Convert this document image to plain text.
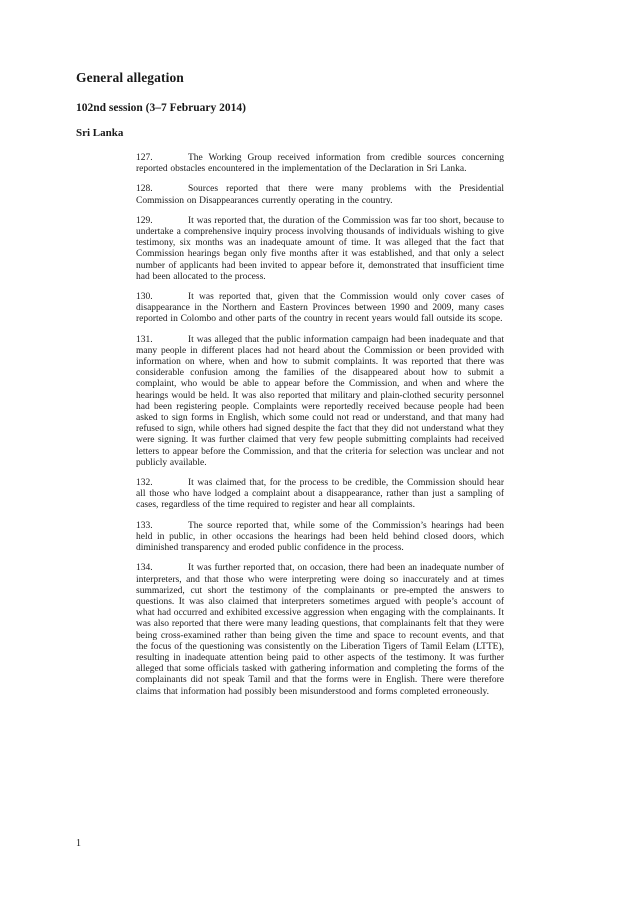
General allegation
102nd session (3–7 February 2014)
Sri Lanka
127.	The Working Group received information from credible sources concerning reported obstacles encountered in the implementation of the Declaration in Sri Lanka.
128.	Sources reported that there were many problems with the Presidential Commission on Disappearances currently operating in the country.
129.	It was reported that, the duration of the Commission was far too short, because to undertake a comprehensive inquiry process involving thousands of individuals wishing to give testimony, six months was an inadequate amount of time. It was alleged that the fact that Commission hearings began only five months after it was established, and that only a select number of applicants had been invited to appear before it, demonstrated that insufficient time had been allocated to the process.
130.	It was reported that, given that the Commission would only cover cases of disappearance in the Northern and Eastern Provinces between 1990 and 2009, many cases reported in Colombo and other parts of the country in recent years would fall outside its scope.
131.	It was alleged that the public information campaign had been inadequate and that many people in different places had not heard about the Commission or been provided with information on where, when and how to submit complaints. It was reported that there was considerable confusion among the families of the disappeared about how to submit a complaint, who would be able to appear before the Commission, and when and where the hearings would be held. It was also reported that military and plain-clothed security personnel had been registering people. Complaints were reportedly received because people had been asked to sign forms in English, which some could not read or understand, and that many had refused to sign, while others had signed despite the fact that they did not understand what they were signing. It was further claimed that very few people submitting complaints had received letters to appear before the Commission, and that the criteria for selection was unclear and not publicly available.
132.	It was claimed that, for the process to be credible, the Commission should hear all those who have lodged a complaint about a disappearance, rather than just a sampling of cases, regardless of the time required to register and hear all complaints.
133.	The source reported that, while some of the Commission’s hearings had been held in public, in other occasions the hearings had been held behind closed doors, which diminished transparency and eroded public confidence in the process.
134.	It was further reported that, on occasion, there had been an inadequate number of interpreters, and that those who were interpreting were doing so inaccurately and at times summarized, cut short the testimony of the complainants or pre-empted the answers to questions. It was also claimed that interpreters sometimes argued with people’s account of what had occurred and exhibited excessive aggression when engaging with the complainants. It was also reported that there were many leading questions, that complainants felt that they were being cross-examined rather than being given the time and space to recount events, and that the focus of the questioning was consistently on the Liberation Tigers of Tamil Eelam (LTTE), resulting in inadequate attention being paid to other aspects of the testimony. It was further alleged that some officials tasked with gathering information and completing the forms of the complainants did not speak Tamil and that the forms were in English. There were therefore claims that information had possibly been misunderstood and forms completed erroneously.
1
